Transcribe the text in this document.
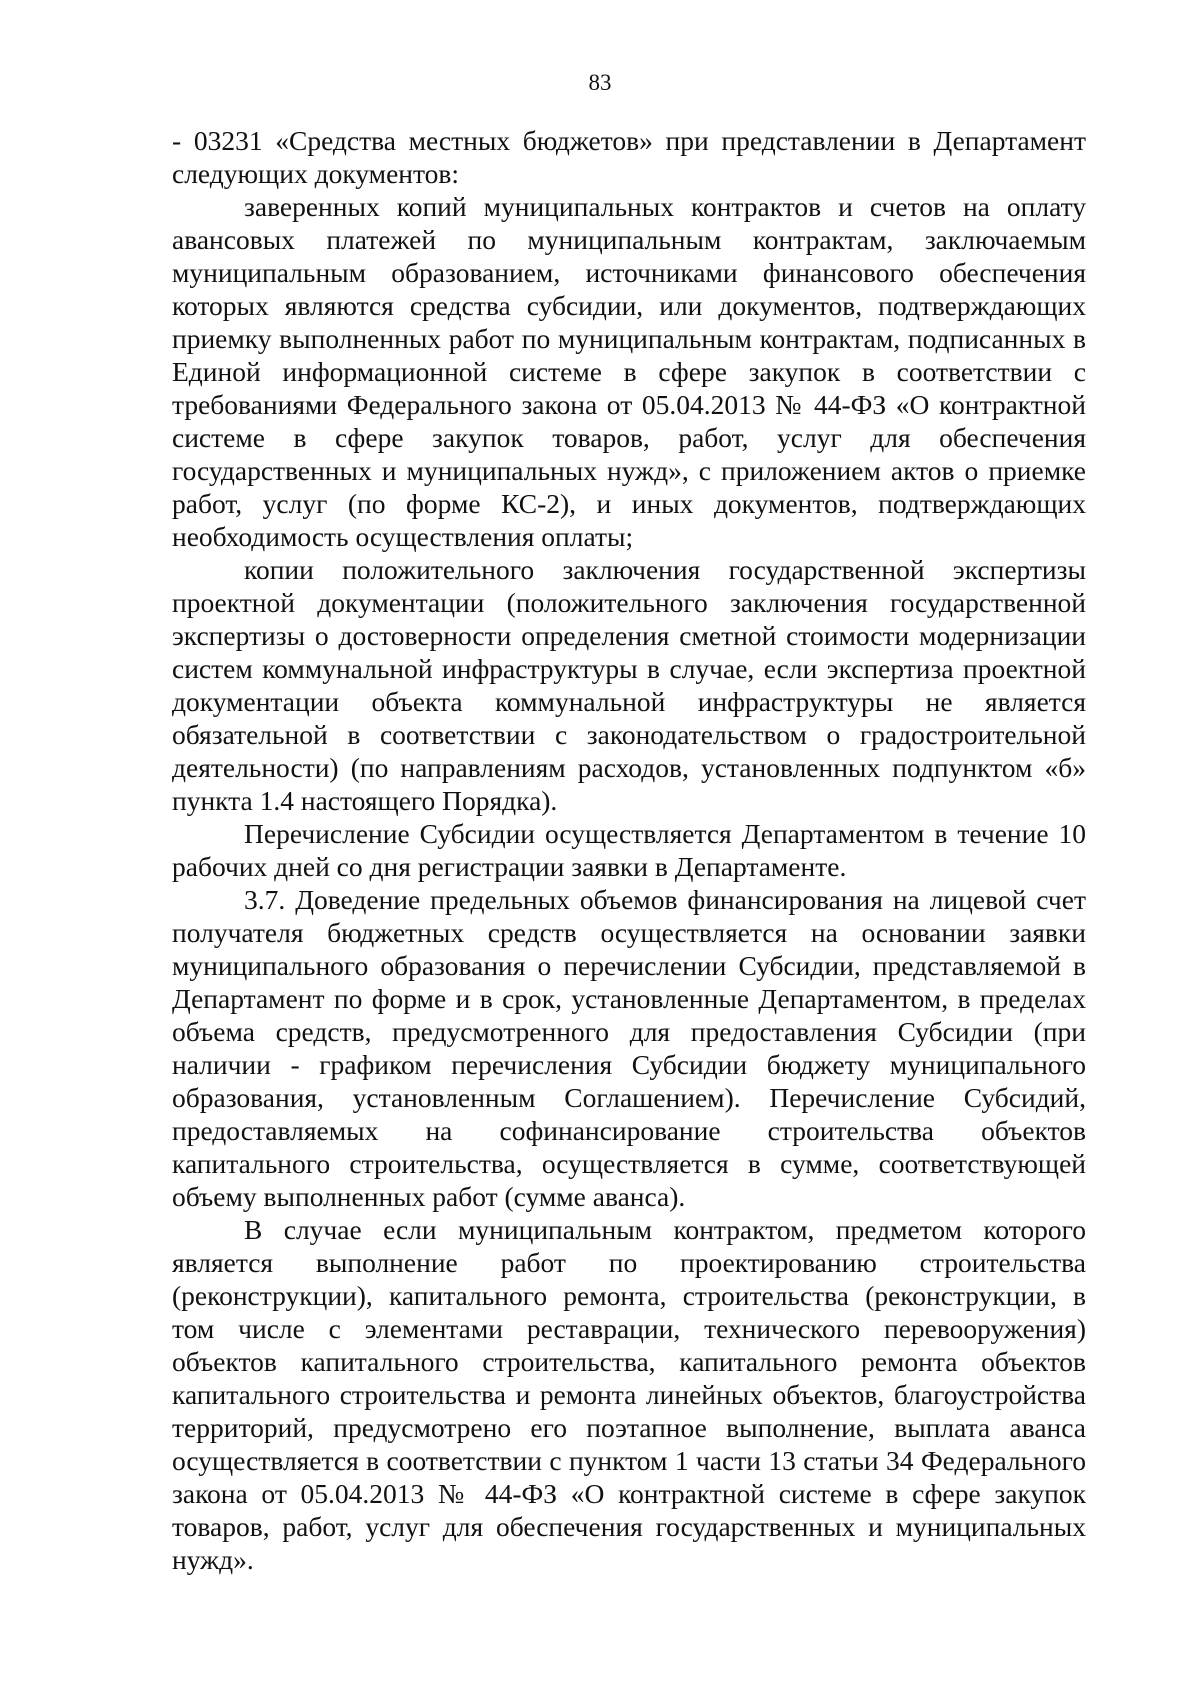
83

- 03231 «Средства местных бюджетов» при представлении в Департамент следующих документов:

заверенных копий муниципальных контрактов и счетов на оплату авансовых платежей по муниципальным контрактам, заключаемым муниципальным образованием, источниками финансового обеспечения которых являются средства субсидии, или документов, подтверждающих приемку выполненных работ по муниципальным контрактам, подписанных в Единой информационной системе в сфере закупок в соответствии с требованиями Федерального закона от 05.04.2013 № 44-ФЗ «О контрактной системе в сфере закупок товаров, работ, услуг для обеспечения государственных и муниципальных нужд», с приложением актов о приемке работ, услуг (по форме КС-2), и иных документов, подтверждающих необходимость осуществления оплаты;

копии положительного заключения государственной экспертизы проектной документации (положительного заключения государственной экспертизы о достоверности определения сметной стоимости модернизации систем коммунальной инфраструктуры в случае, если экспертиза проектной документации объекта коммунальной инфраструктуры не является обязательной в соответствии с законодательством о градостроительной деятельности) (по направлениям расходов, установленных подпунктом «б» пункта 1.4 настоящего Порядка).

Перечисление Субсидии осуществляется Департаментом в течение 10 рабочих дней со дня регистрации заявки в Департаменте.

3.7. Доведение предельных объемов финансирования на лицевой счет получателя бюджетных средств осуществляется на основании заявки муниципального образования о перечислении Субсидии, представляемой в Департамент по форме и в срок, установленные Департаментом, в пределах объема средств, предусмотренного для предоставления Субсидии (при наличии - графиком перечисления Субсидии бюджету муниципального образования, установленным Соглашением). Перечисление Субсидий, предоставляемых на софинансирование строительства объектов капитального строительства, осуществляется в сумме, соответствующей объему выполненных работ (сумме аванса).

В случае если муниципальным контрактом, предметом которого является выполнение работ по проектированию строительства (реконструкции), капитального ремонта, строительства (реконструкции, в том числе с элементами реставрации, технического перевооружения) объектов капитального строительства, капитального ремонта объектов капитального строительства и ремонта линейных объектов, благоустройства территорий, предусмотрено его поэтапное выполнение, выплата аванса осуществляется в соответствии с пунктом 1 части 13 статьи 34 Федерального закона от 05.04.2013 № 44-ФЗ «О контрактной системе в сфере закупок товаров, работ, услуг для обеспечения государственных и муниципальных нужд».
